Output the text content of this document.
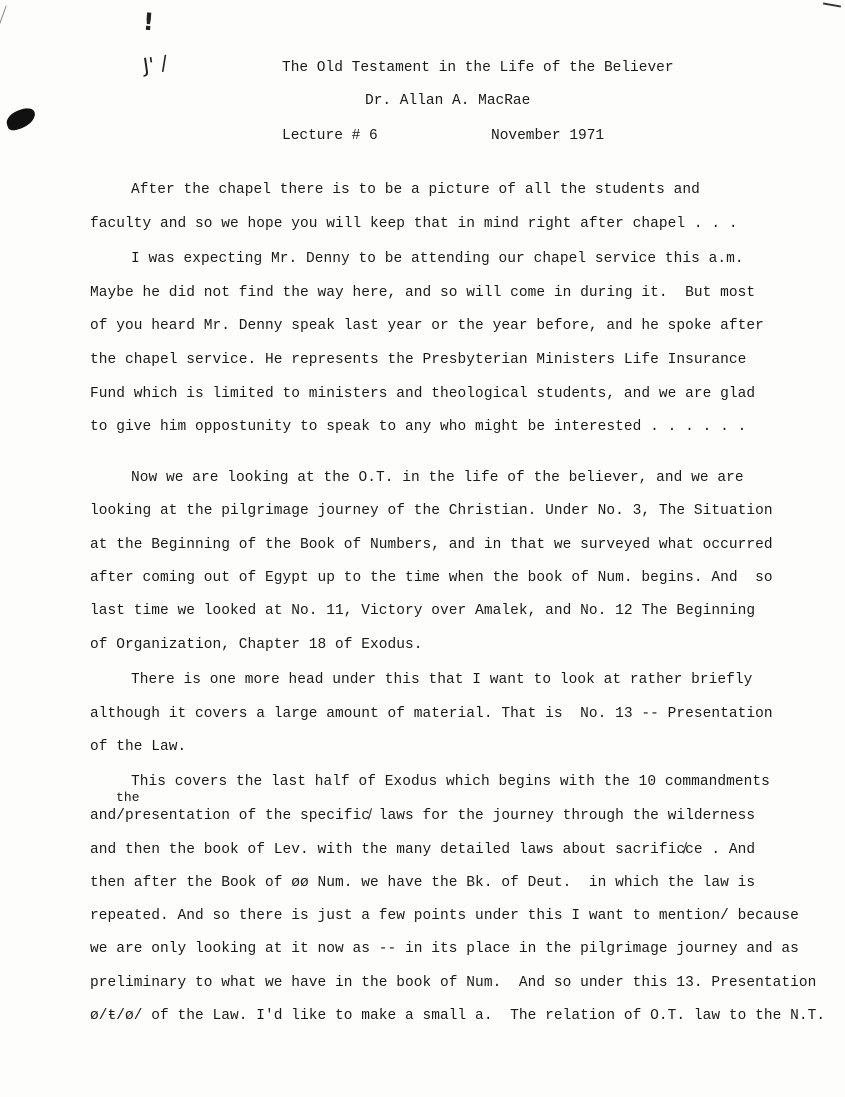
!
J' /	The Old Testament in the Life of the Believer
Dr. Allan A. MacRae
Lecture # 6	November 1971
After the chapel there is to be a picture of all the students and
faculty and so we hope you will keep that in mind right after chapel . . .
I was expecting Mr. Denny to be attending our chapel service this a.m.
Maybe he did not find the way here, and so will come in during it.  But most
of you heard Mr. Denny speak last year or the year before, and he spoke after
the chapel service. He represents the Presbyterian Ministers Life Insurance
Fund which is limited to ministers and theological students, and we are glad
to give him oppostunity to speak to any who might be interested . . . . . .
Now we are looking at the O.T. in the life of the believer, and we are
looking at the pilgrimage journey of the Christian. Under No. 3, The Situation
at the Beginning of the Book of Numbers, and in that we surveyed what occurred
after coming out of Egypt up to the time when the book of Num. begins. And  so
last time we looked at No. 11, Victory over Amalek, and No. 12 The Beginning
of Organization, Chapter 18 of Exodus.
There is one more head under this that I want to look at rather briefly
although it covers a large amount of material. That is  No. 13 -- Presentation
of the Law.
This covers the last half of Exodus which begins with the 10 commandments
the
and/presentation of the specific̸ laws for the journey through the wilderness
and then the book of Lev. with the many detailed laws about sacrific̸ce . And
then after the Book of øø Num. we have the Bk. of Deut.  in which the law is
repeated. And so there is just a few points under this I want to mention/ because
we are only looking at it now as -- in its place in the pilgrimage journey and as
preliminary to what we have in the book of Num.  And so under this 13. Presentation
ø/ŧ/ø/ of the Law. I'd like to make a small a.  The relation of O.T. law to the N.T.
